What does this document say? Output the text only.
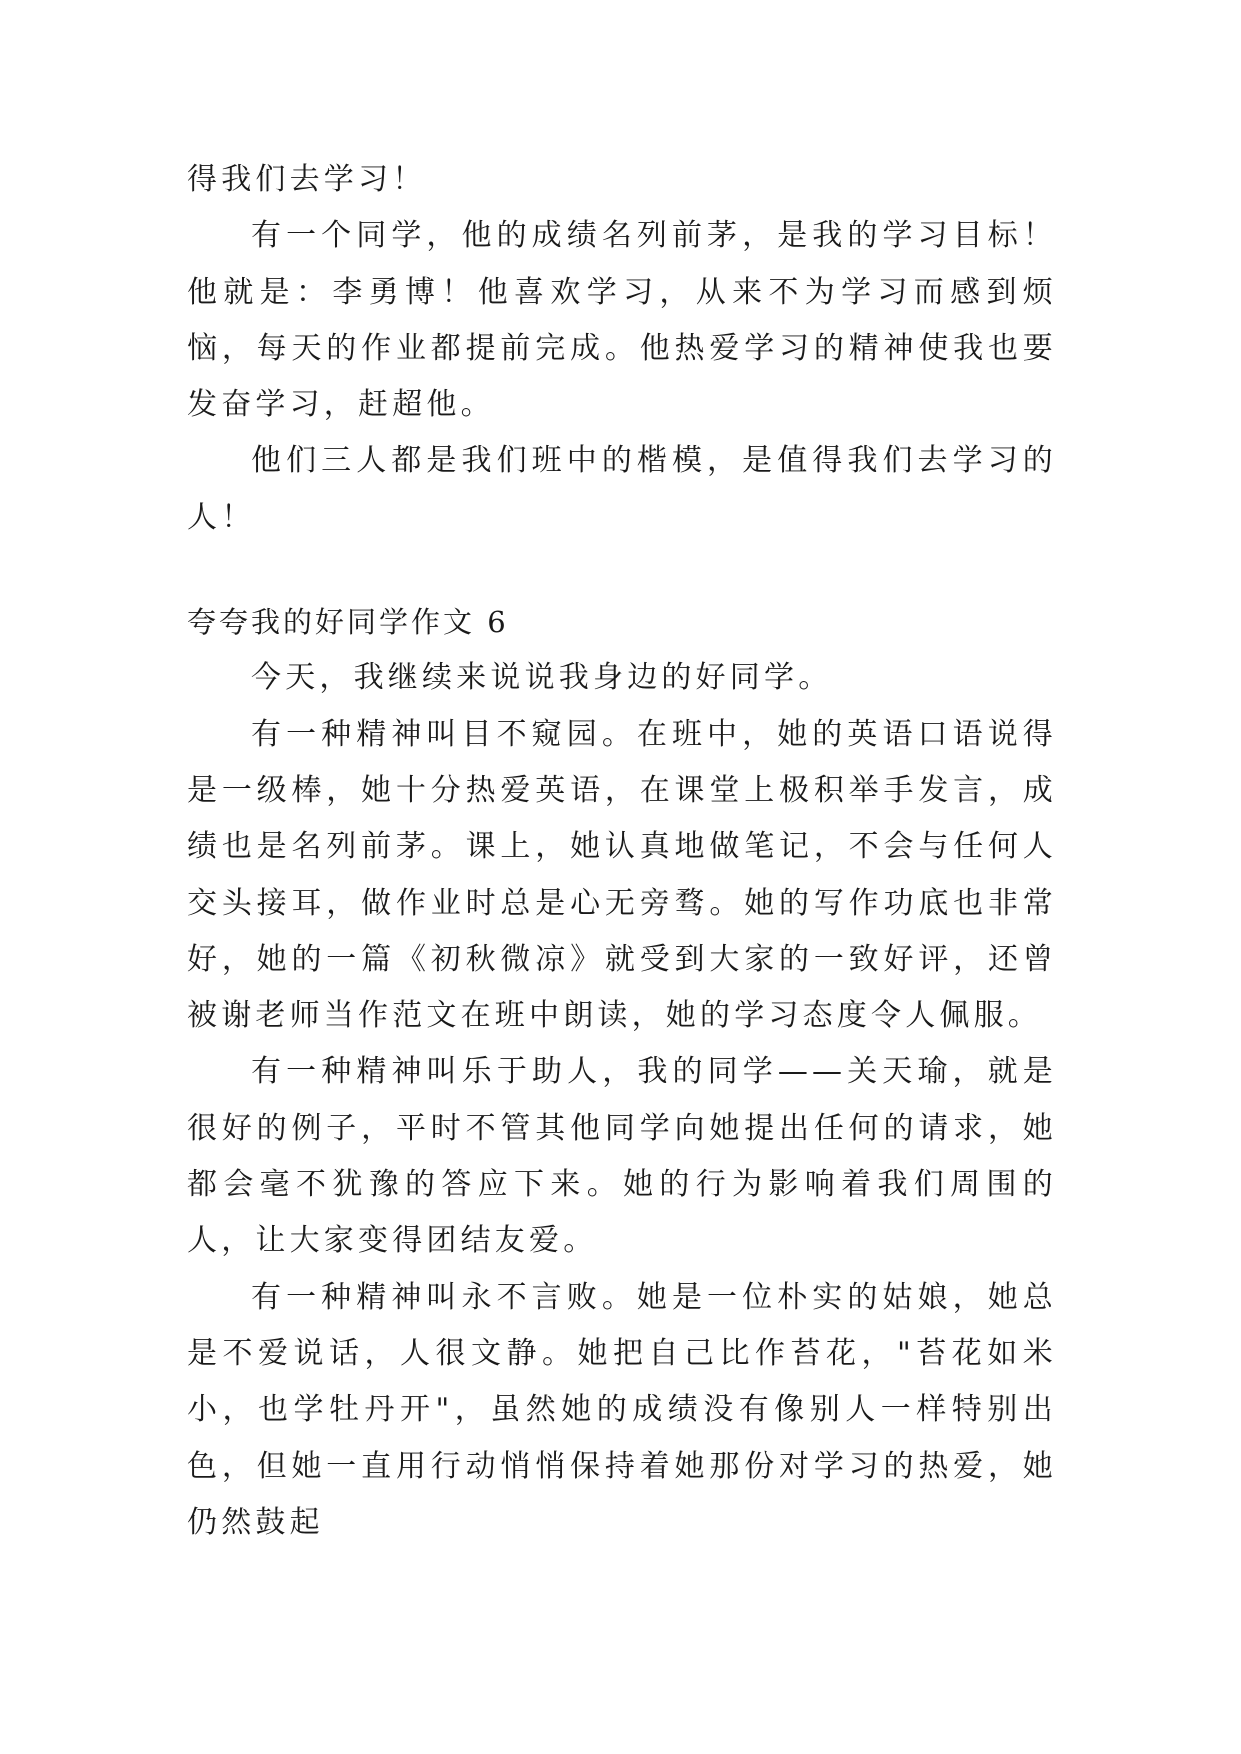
得我们去学习！

有一个同学，他的成绩名列前茅，是我的学习目标！他就是：李勇博！他喜欢学习，从来不为学习而感到烦恼，每天的作业都提前完成。他热爱学习的精神使我也要发奋学习，赶超他。

他们三人都是我们班中的楷模，是值得我们去学习的人！

夸夸我的好同学作文 6

今天，我继续来说说我身边的好同学。

有一种精神叫目不窥园。在班中，她的英语口语说得是一级棒，她十分热爱英语，在课堂上极积举手发言，成绩也是名列前茅。课上，她认真地做笔记，不会与任何人交头接耳，做作业时总是心无旁骛。她的写作功底也非常好，她的一篇《初秋微凉》就受到大家的一致好评，还曾被谢老师当作范文在班中朗读，她的学习态度令人佩服。

有一种精神叫乐于助人，我的同学——关天瑜，就是很好的例子，平时不管其他同学向她提出任何的请求，她都会毫不犹豫的答应下来。她的行为影响着我们周围的人，让大家变得团结友爱。

有一种精神叫永不言败。她是一位朴实的姑娘，她总是不爱说话，人很文静。她把自己比作苔花，"苔花如米小，也学牡丹开"，虽然她的成绩没有像别人一样特别出色，但她一直用行动悄悄保持着她那份对学习的热爱，她仍然鼓起
